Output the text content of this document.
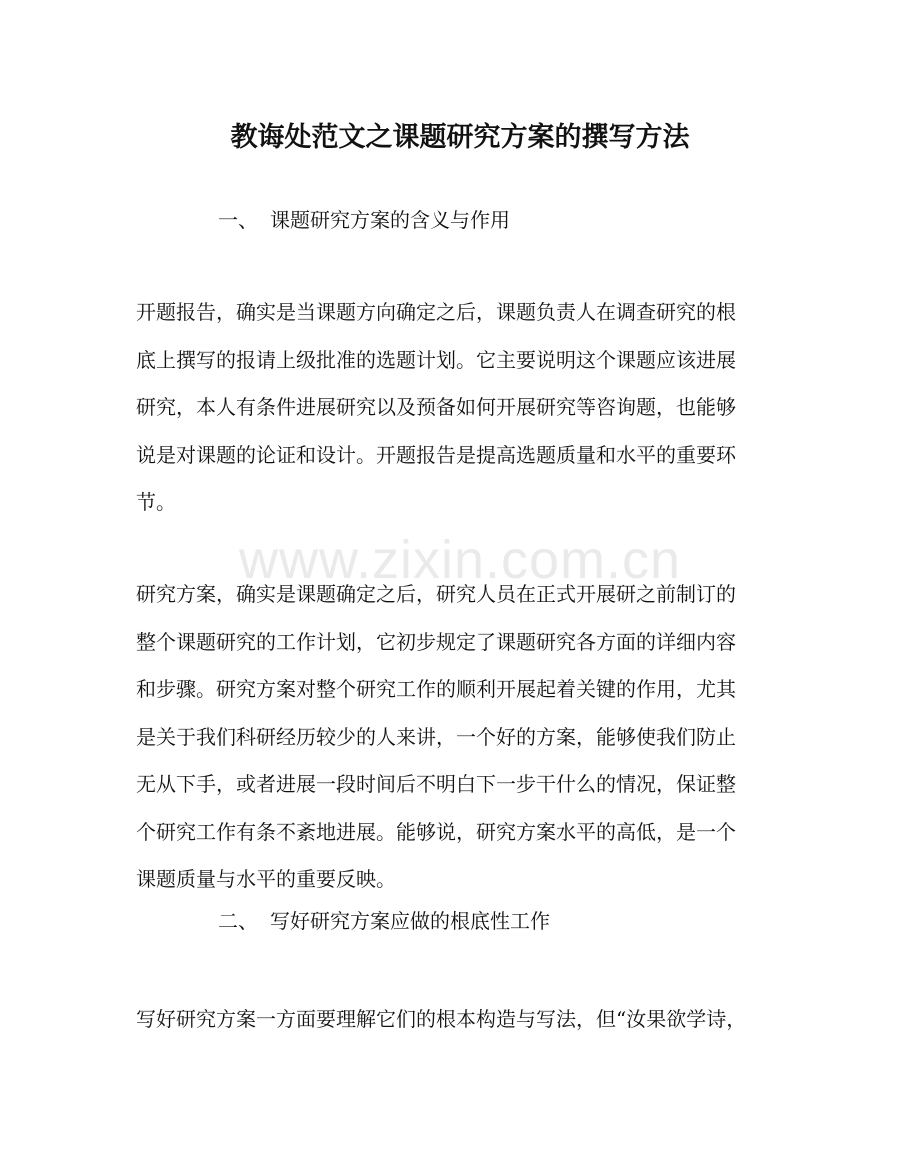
教诲处范文之课题研究方案的撰写方法
一、 课题研究方案的含义与作用
开题报告，确实是当课题方向确定之后，课题负责人在调查研究的根
底上撰写的报请上级批准的选题计划。它主要说明这个课题应该进展
研究，本人有条件进展研究以及预备如何开展研究等咨询题，也能够
说是对课题的论证和设计。开题报告是提高选题质量和水平的重要环
节。
www.zixin.com.cn
研究方案，确实是课题确定之后，研究人员在正式开展研之前制订的
整个课题研究的工作计划，它初步规定了课题研究各方面的详细内容
和步骤。研究方案对整个研究工作的顺利开展起着关键的作用，尤其
是关于我们科研经历较少的人来讲，一个好的方案，能够使我们防止
无从下手，或者进展一段时间后不明白下一步干什么的情况，保证整
个研究工作有条不紊地进展。能够说，研究方案水平的高低，是一个
课题质量与水平的重要反映。
二、 写好研究方案应做的根底性工作
写好研究方案一方面要理解它们的根本构造与写法，但“汝果欲学诗，
